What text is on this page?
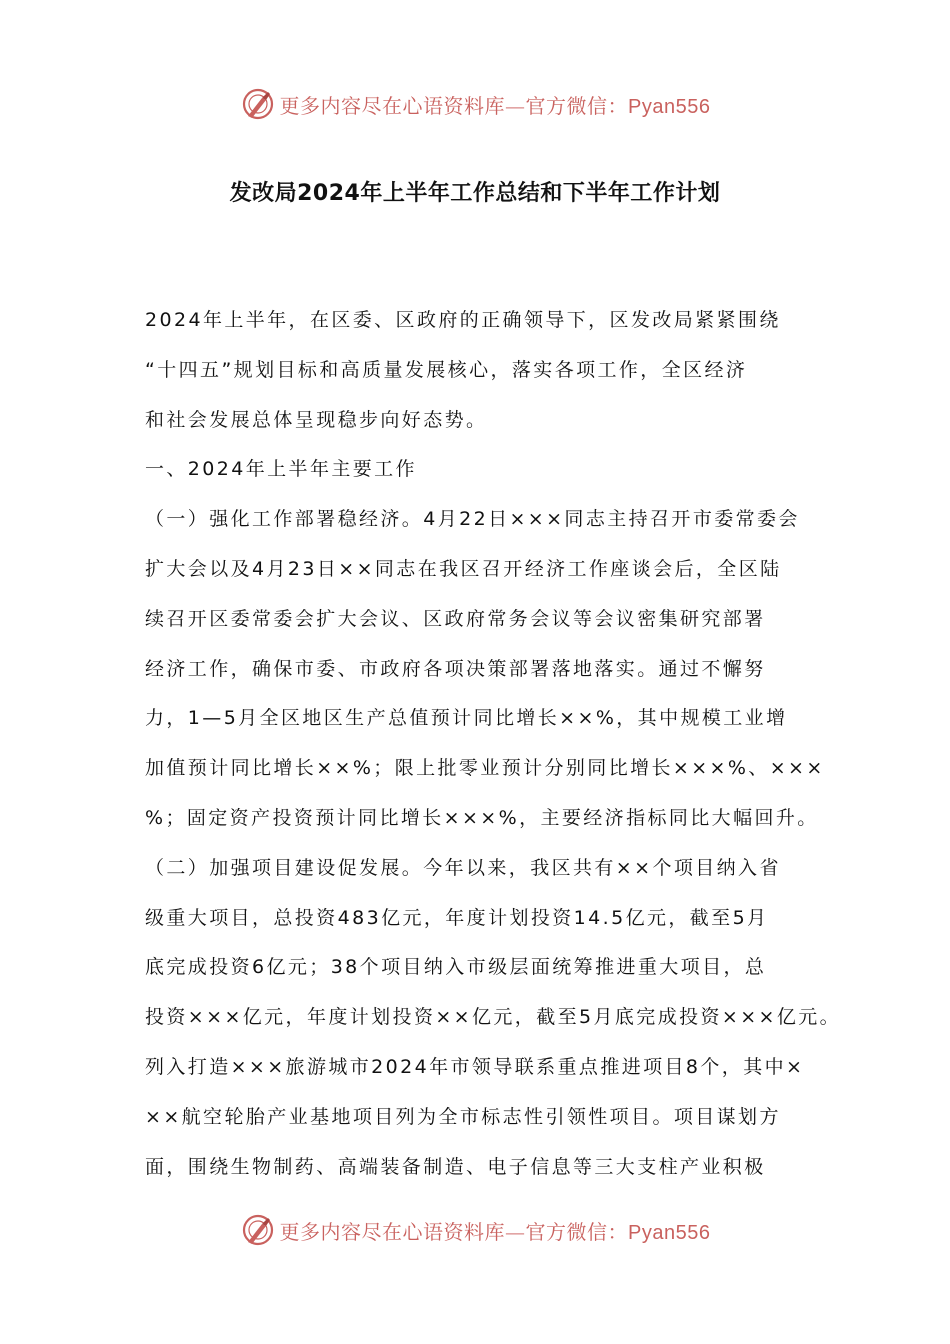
更多内容尽在心语资料库—官方微信：Pyan556
发改局2024年上半年工作总结和下半年工作计划
2024年上半年，在区委、区政府的正确领导下，区发改局紧紧围绕
“十四五”规划目标和高质量发展核心，落实各项工作，全区经济
和社会发展总体呈现稳步向好态势。
一、2024年上半年主要工作
（一）强化工作部署稳经济。4月22日×××同志主持召开市委常委会
扩大会以及4月23日××同志在我区召开经济工作座谈会后，全区陆
续召开区委常委会扩大会议、区政府常务会议等会议密集研究部署
经济工作，确保市委、市政府各项决策部署落地落实。通过不懈努
力，1—5月全区地区生产总值预计同比增长××%，其中规模工业增
加值预计同比增长××%；限上批零业预计分别同比增长×××%、×××
%；固定资产投资预计同比增长×××%，主要经济指标同比大幅回升。
（二）加强项目建设促发展。今年以来，我区共有××个项目纳入省
级重大项目，总投资483亿元，年度计划投资14.5亿元，截至5月
底完成投资6亿元；38个项目纳入市级层面统筹推进重大项目，总
投资×××亿元，年度计划投资××亿元，截至5月底完成投资×××亿元。
列入打造×××旅游城市2024年市领导联系重点推进项目8个，其中×
××航空轮胎产业基地项目列为全市标志性引领性项目。项目谋划方
面，围绕生物制药、高端装备制造、电子信息等三大支柱产业积极
更多内容尽在心语资料库—官方微信：Pyan556
